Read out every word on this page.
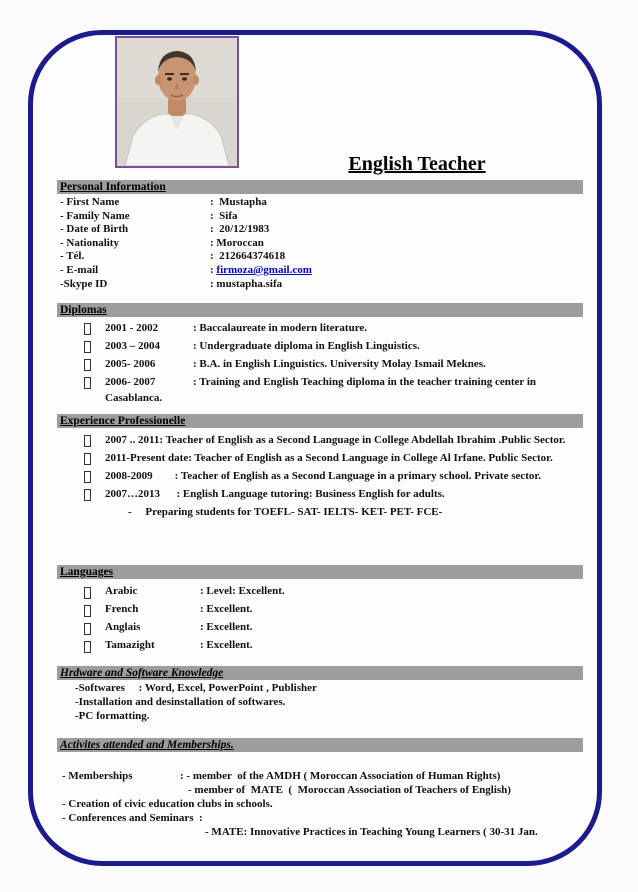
English Teacher
Personal Information
- First Name	:  Mustapha
- Family Name	:  Sifa
- Date of Birth	:  20/12/1983
- Nationality	: Moroccan
- Tél.	:  212664374618
- E-mail	: firmoza@gmail.com
-Skype ID	: mustapha.sifa
Diplomas
2001 - 2002	: Baccalaureate in modern literature.
2003 – 2004	: Undergraduate diploma in English Linguistics.
2005- 2006	: B.A. in English Linguistics. University Molay Ismail Meknes.
2006- 2007	: Training and English Teaching diploma in the teacher training center in Casablanca.
Experience Professionelle
2007 .. 2011: Teacher of English as a Second Language in College Abdellah Ibrahim .Public Sector.
2011-Present date: Teacher of English as a Second Language in College Al Irfane. Public Sector.
2008-2009        : Teacher of English as a Second Language in a primary school. Private sector.
2007…2013      : English Language tutoring: Business English for adults.
-     Preparing students for TOEFL- SAT- IELTS- KET- PET- FCE-
Languages
Arabic	: Level: Excellent.
French	: Excellent.
Anglais	: Excellent.
Tamazight	: Excellent.
Hrdware and Software Knowledge
-Softwares     : Word, Excel, PowerPoint , Publisher
-Installation and desinstallation of softwares.
-PC formatting.
Activites attended and Memberships.
- Memberships	: - member  of the AMDH ( Moroccan Association of Human Rights)
- member of  MATE  (  Moroccan Association of Teachers of English)
- Creation of civic education clubs in schools.
- Conferences and Seminars  :
- MATE: Innovative Practices in Teaching Young Learners ( 30-31 Jan.
